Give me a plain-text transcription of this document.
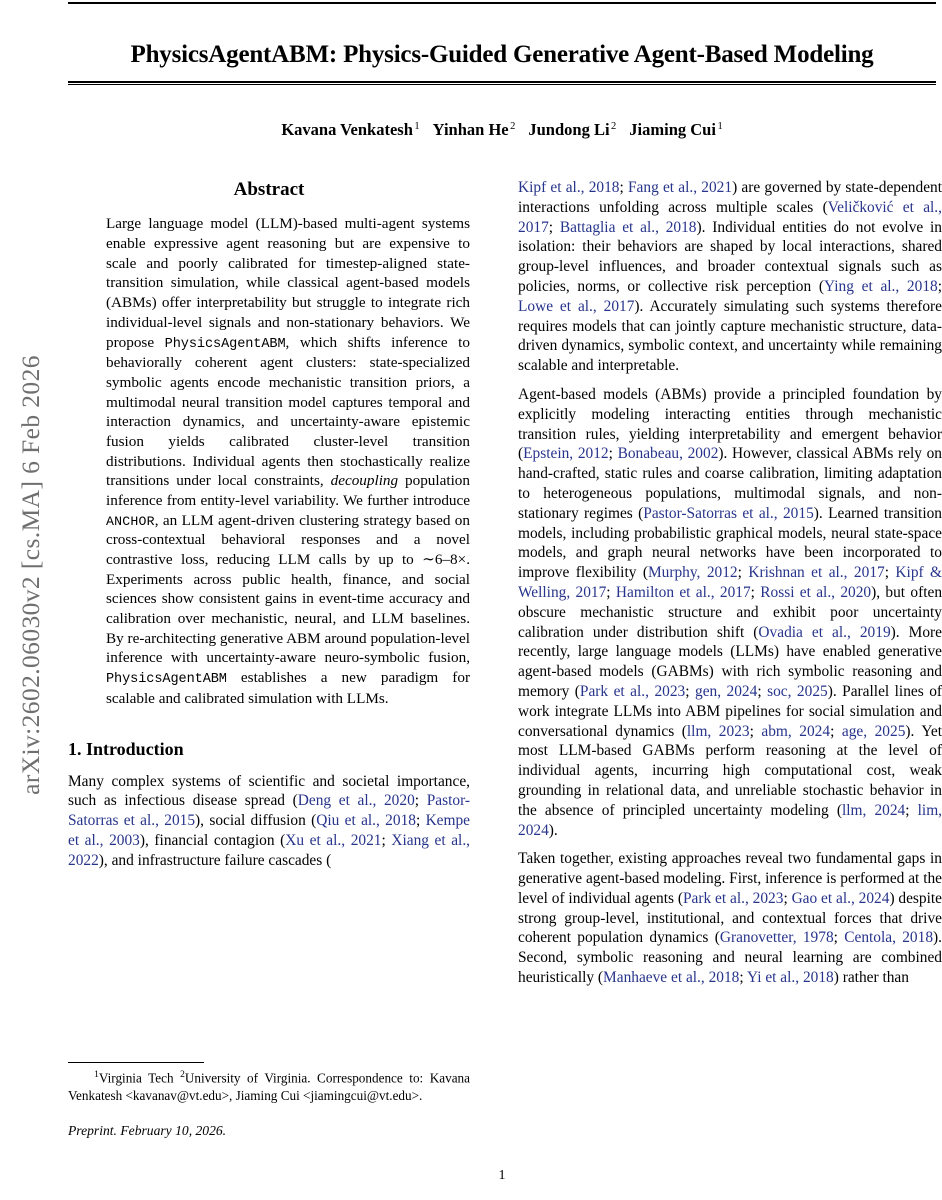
arXiv:2602.06030v2 [cs.MA] 6 Feb 2026
PhysicsAgentABM: Physics-Guided Generative Agent-Based Modeling
Kavana Venkatesh $^1$ Yinhan He $^2$ Jundong Li $^2$ Jiaming Cui $^1$
Abstract
Large language model (LLM)-based multi-agent systems enable expressive agent reasoning but are expensive to scale and poorly calibrated for timestep-aligned state-transition simulation, while classical agent-based models (ABMs) offer interpretability but struggle to integrate rich individual-level signals and non-stationary behaviors. We propose PhysicsAgentABM, which shifts inference to behaviorally coherent agent clusters: state-specialized symbolic agents encode mechanistic transition priors, a multimodal neural transition model captures temporal and interaction dynamics, and uncertainty-aware epistemic fusion yields calibrated cluster-level transition distributions. Individual agents then stochastically realize transitions under local constraints, decoupling population inference from entity-level variability. We further introduce ANCHOR, an LLM agent-driven clustering strategy based on cross-contextual behavioral responses and a novel contrastive loss, reducing LLM calls by up to ∼6–8×. Experiments across public health, finance, and social sciences show consistent gains in event-time accuracy and calibration over mechanistic, neural, and LLM baselines. By re-architecting generative ABM around population-level inference with uncertainty-aware neuro-symbolic fusion, PhysicsAgentABM establishes a new paradigm for scalable and calibrated simulation with LLMs.
1. Introduction

Many complex systems of scientific and societal importance, such as infectious disease spread (Deng et al., 2020; Pastor-Satorras et al., 2015), social diffusion (Qiu et al., 2018; Kempe et al., 2003), financial contagion (Xu et al., 2021; Xiang et al., 2022), and infrastructure failure cascades (

Kipf et al., 2018; Fang et al., 2021) are governed by state-dependent interactions unfolding across multiple scales (Veličković et al., 2017; Battaglia et al., 2018). Individual entities do not evolve in isolation: their behaviors are shaped by local interactions, shared group-level influences, and broader contextual signals such as policies, norms, or collective risk perception (Ying et al., 2018; Lowe et al., 2017). Accurately simulating such systems therefore requires models that can jointly capture mechanistic structure, data-driven dynamics, symbolic context, and uncertainty while remaining scalable and interpretable.

Agent-based models (ABMs) provide a principled foundation by explicitly modeling interacting entities through mechanistic transition rules, yielding interpretability and emergent behavior (Epstein, 2012; Bonabeau, 2002). However, classical ABMs rely on hand-crafted, static rules and coarse calibration, limiting adaptation to heterogeneous populations, multimodal signals, and non-stationary regimes (Pastor-Satorras et al., 2015). Learned transition models, including probabilistic graphical models, neural state-space models, and graph neural networks have been incorporated to improve flexibility (Murphy, 2012; Krishnan et al., 2017; Kipf & Welling, 2017; Hamilton et al., 2017; Rossi et al., 2020), but often obscure mechanistic structure and exhibit poor uncertainty calibration under distribution shift (Ovadia et al., 2019). More recently, large language models (LLMs) have enabled generative agent-based models (GABMs) with rich symbolic reasoning and memory (Park et al., 2023; gen, 2024; soc, 2025). Parallel lines of work integrate LLMs into ABM pipelines for social simulation and conversational dynamics (llm, 2023; abm, 2024; age, 2025). Yet most LLM-based GABMs perform reasoning at the level of individual agents, incurring high computational cost, weak grounding in relational data, and unreliable stochastic behavior in the absence of principled uncertainty modeling (llm, 2024; lim, 2024).

Taken together, existing approaches reveal two fundamental gaps in generative agent-based modeling. First, inference is performed at the level of individual agents (Park et al., 2023; Gao et al., 2024) despite strong group-level, institutional, and contextual forces that drive coherent population dynamics (Granovetter, 1978; Centola, 2018). Second, symbolic reasoning and neural learning are combined heuristically (Manhaeve et al., 2018; Yi et al., 2018) rather than

$^1$Virginia Tech $^2$University of Virginia. Correspondence to: Kavana Venkatesh <kavanav@vt.edu>, Jiaming Cui <jiamingcui@vt.edu>.

Preprint. February 10, 2026.
1
